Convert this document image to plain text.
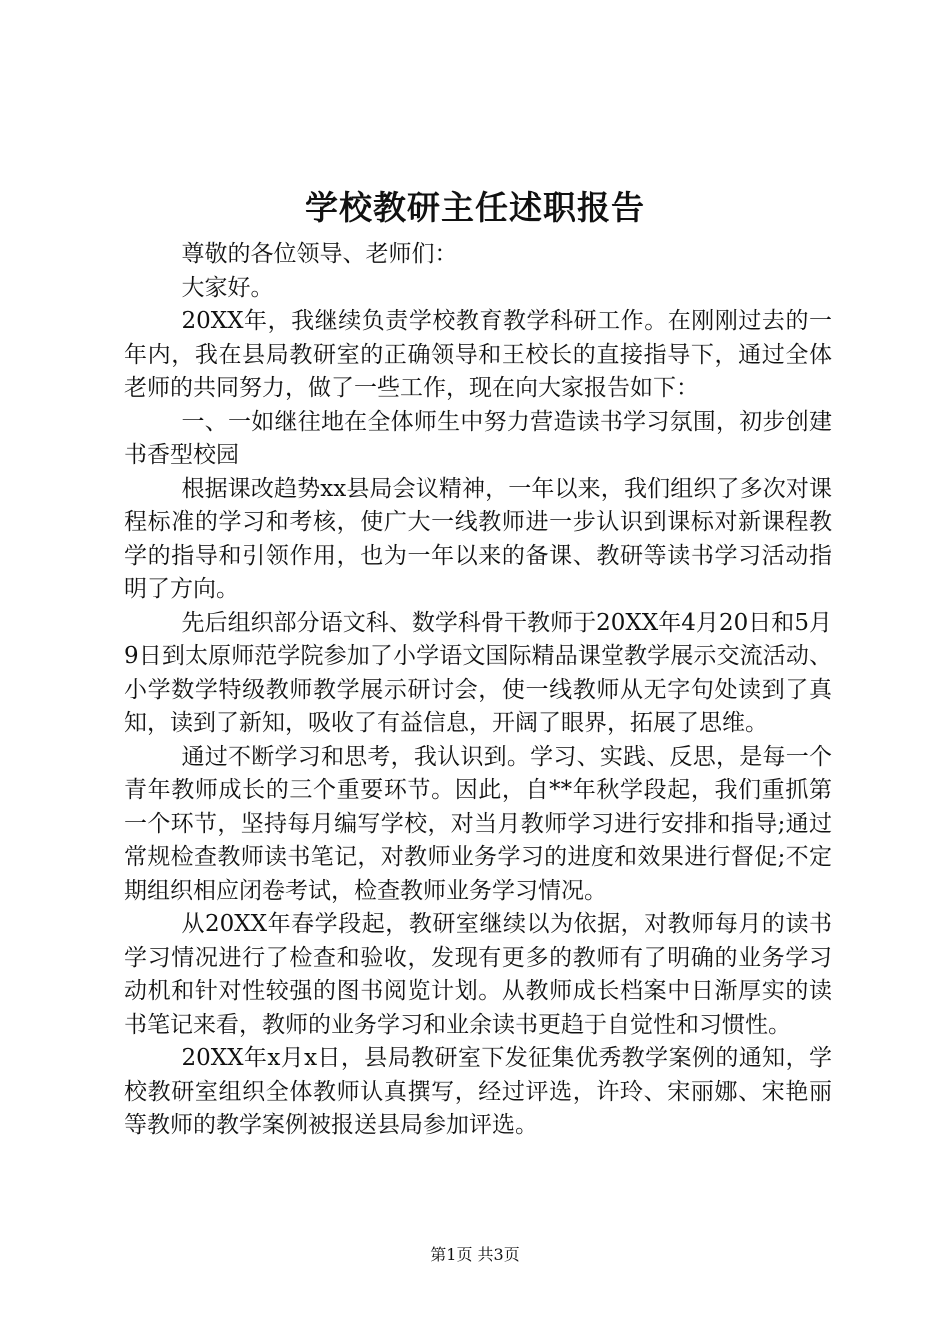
学校教研主任述职报告

尊敬的各位领导、老师们：

大家好。

20XX年，我继续负责学校教育教学科研工作。在刚刚过去的一年内，我在县局教研室的正确领导和王校长的直接指导下，通过全体老师的共同努力，做了一些工作，现在向大家报告如下：

一、一如继往地在全体师生中努力营造读书学习氛围，初步创建书香型校园

根据课改趋势xx县局会议精神，一年以来，我们组织了多次对课程标准的学习和考核，使广大一线教师进一步认识到课标对新课程教学的指导和引领作用，也为一年以来的备课、教研等读书学习活动指明了方向。

先后组织部分语文科、数学科骨干教师于20XX年4月20日和5月9日到太原师范学院参加了小学语文国际精品课堂教学展示交流活动、小学数学特级教师教学展示研讨会，使一线教师从无字句处读到了真知，读到了新知，吸收了有益信息，开阔了眼界，拓展了思维。

通过不断学习和思考，我认识到。学习、实践、反思，是每一个青年教师成长的三个重要环节。因此，自**年秋学段起，我们重抓第一个环节，坚持每月编写学校，对当月教师学习进行安排和指导;通过常规检查教师读书笔记，对教师业务学习的进度和效果进行督促;不定期组织相应闭卷考试，检查教师业务学习情况。

从20XX年春学段起，教研室继续以为依据，对教师每月的读书学习情况进行了检查和验收，发现有更多的教师有了明确的业务学习动机和针对性较强的图书阅览计划。从教师成长档案中日渐厚实的读书笔记来看，教师的业务学习和业余读书更趋于自觉性和习惯性。

20XX年x月x日，县局教研室下发征集优秀教学案例的通知，学校教研室组织全体教师认真撰写，经过评选，许玲、宋丽娜、宋艳丽等教师的教学案例被报送县局参加评选。

第1页 共3页
